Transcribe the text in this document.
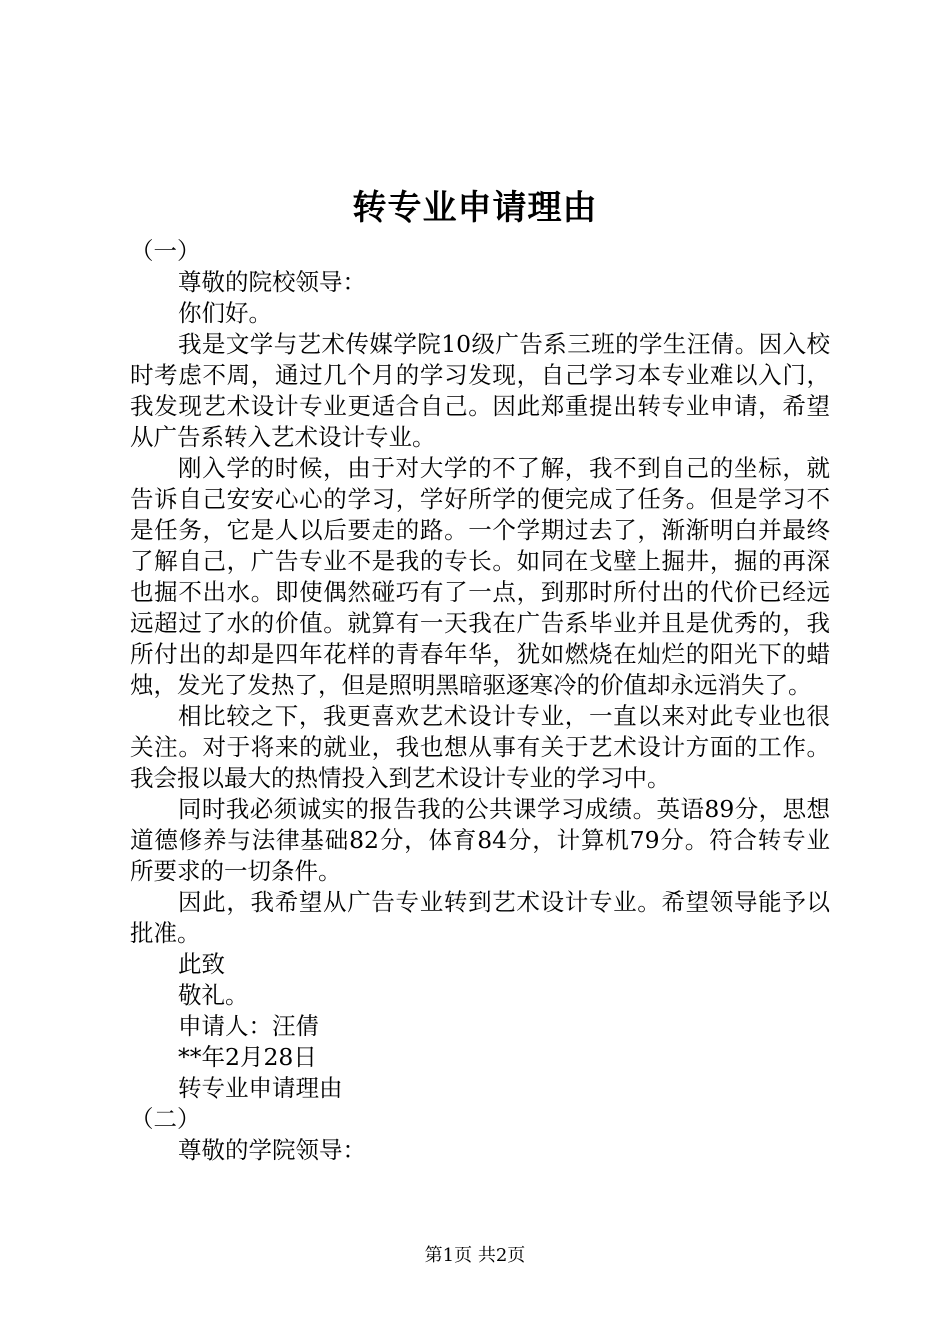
转专业申请理由

（一）

尊敬的院校领导：

你们好。

我是文学与艺术传媒学院10级广告系三班的学生汪倩。因入校时考虑不周，通过几个月的学习发现，自己学习本专业难以入门，我发现艺术设计专业更适合自己。因此郑重提出转专业申请，希望从广告系转入艺术设计专业。

刚入学的时候，由于对大学的不了解，我不到自己的坐标，就告诉自己安安心心的学习，学好所学的便完成了任务。但是学习不是任务，它是人以后要走的路。一个学期过去了，渐渐明白并最终了解自己，广告专业不是我的专长。如同在戈壁上掘井，掘的再深也掘不出水。即使偶然碰巧有了一点，到那时所付出的代价已经远远超过了水的价值。就算有一天我在广告系毕业并且是优秀的，我所付出的却是四年花样的青春年华，犹如燃烧在灿烂的阳光下的蜡烛，发光了发热了，但是照明黑暗驱逐寒冷的价值却永远消失了。

相比较之下，我更喜欢艺术设计专业，一直以来对此专业也很关注。对于将来的就业，我也想从事有关于艺术设计方面的工作。我会报以最大的热情投入到艺术设计专业的学习中。

同时我必须诚实的报告我的公共课学习成绩。英语89分，思想道德修养与法律基础82分，体育84分，计算机79分。符合转专业所要求的一切条件。

因此，我希望从广告专业转到艺术设计专业。希望领导能予以批准。

此致

敬礼。

申请人：汪倩

**年2月28日

转专业申请理由

（二）

尊敬的学院领导：

第1页 共2页
